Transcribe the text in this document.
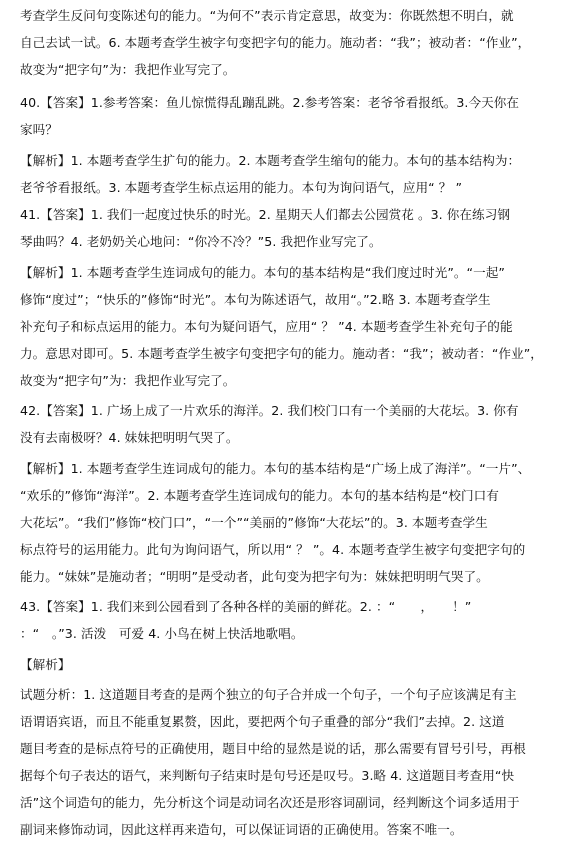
考查学生反问句变陈述句的能力。“为何不”表示肯定意思，故变为：你既然想不明白，就
自己去试一试。6. 本题考查学生被字句变把字句的能力。施动者：“我”；被动者：“作业”，
故变为“把字句”为：我把作业写完了。
40.【答案】1.参考答案：鱼儿惊慌得乱蹦乱跳。2.参考答案：老爷爷看报纸。3.今天你在
家吗？
【解析】1. 本题考查学生扩句的能力。2. 本题考查学生缩句的能力。本句的基本结构为：
老爷爷看报纸。3. 本题考查学生标点运用的能力。本句为询问语气，应用“ ？ ”
41.【答案】1. 我们一起度过快乐的时光。2. 星期天人们都去公园赏花 。3. 你在练习钢
琴曲吗？4. 老奶奶关心地问：“你冷不冷？”5. 我把作业写完了。
【解析】1. 本题考查学生连词成句的能力。本句的基本结构是“我们度过时光”。“一起”
修饰“度过”；“快乐的”修饰“时光”。本句为陈述语气，故用“。”2.略 3. 本题考查学生
补充句子和标点运用的能力。本句为疑问语气，应用“ ？ ”4. 本题考查学生补充句子的能
力。意思对即可。5. 本题考查学生被字句变把字句的能力。施动者：“我”；被动者：“作业”，
故变为“把字句”为：我把作业写完了。
42.【答案】1. 广场上成了一片欢乐的海洋。2. 我们校门口有一个美丽的大花坛。3. 你有
没有去南极呀？4. 妹妹把明明气哭了。
【解析】1. 本题考查学生连词成句的能力。本句的基本结构是“广场上成了海洋”。“一片”、
“欢乐的”修饰“海洋”。2. 本题考查学生连词成句的能力。本句的基本结构是“校门口有
大花坛”。“我们”修饰“校门口”，“一个”“美丽的”修饰“大花坛”的。3. 本题考查学生
标点符号的运用能力。此句为询问语气，所以用“ ？ ”。4. 本题考查学生被字句变把字句的
能力。“妹妹”是施动者；“明明”是受动者，此句变为把字句为：妹妹把明明气哭了。
43.【答案】1. 我们来到公园看到了各种各样的美丽的鲜花。2. ：“　　，　　！”
：“　。”3. 活泼　可爱 4. 小鸟在树上快活地歌唱。
【解析】
试题分析：1. 这道题目考查的是两个独立的句子合并成一个句子，一个句子应该满足有主
语谓语宾语，而且不能重复累赘，因此，要把两个句子重叠的部分“我们”去掉。2. 这道
题目考查的是标点符号的正确使用，题目中给的显然是说的话，那么需要有冒号引号，再根
据每个句子表达的语气，来判断句子结束时是句号还是叹号。3.略 4. 这道题目考查用“快
活”这个词造句的能力，先分析这个词是动词名次还是形容词副词，经判断这个词多适用于
副词来修饰动词，因此这样再来造句，可以保证词语的正确使用。答案不唯一。
